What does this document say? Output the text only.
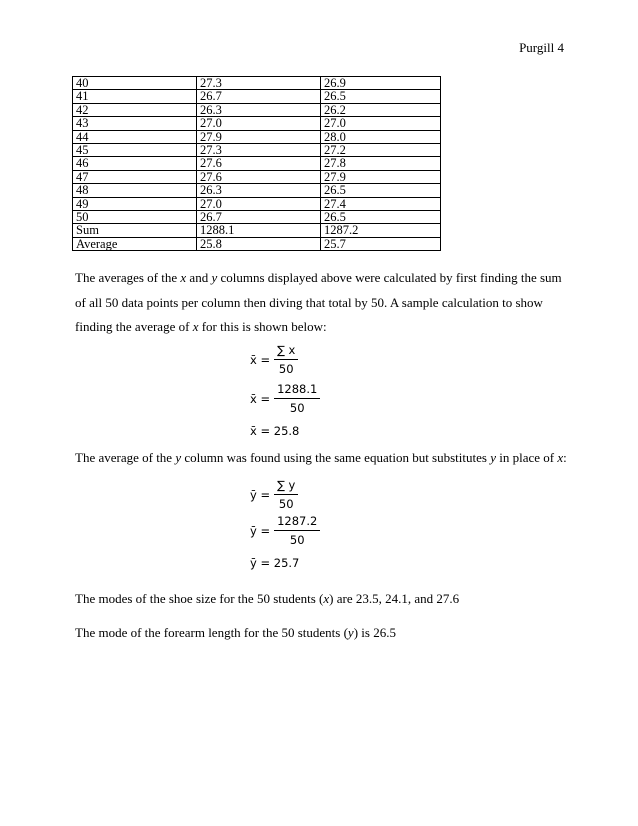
Purgill 4
40	27.3	26.9
41	26.7	26.5
42	26.3	26.2
43	27.0	27.0
44	27.9	28.0
45	27.3	27.2
46	27.6	27.8
47	27.6	27.9
48	26.3	26.5
49	27.0	27.4
50	26.7	26.5
Sum	1288.1	1287.2
Average	25.8	25.7
The averages of the x and y columns displayed above were calculated by first finding the sum of all 50 data points per column then diving that total by 50. A sample calculation to show finding the average of x for this is shown below:
x̄ = $\frac{\sum x}{50}$
x̄ = $\frac{1288.1}{50}$
x̄ = 25.8
The average of the y column was found using the same equation but substitutes y in place of x:
ȳ = $\frac{\sum y}{50}$
ȳ = $\frac{1287.2}{50}$
ȳ = 25.7
The modes of the shoe size for the 50 students (x) are 23.5, 24.1, and 27.6
The mode of the forearm length for the 50 students (y) is 26.5
